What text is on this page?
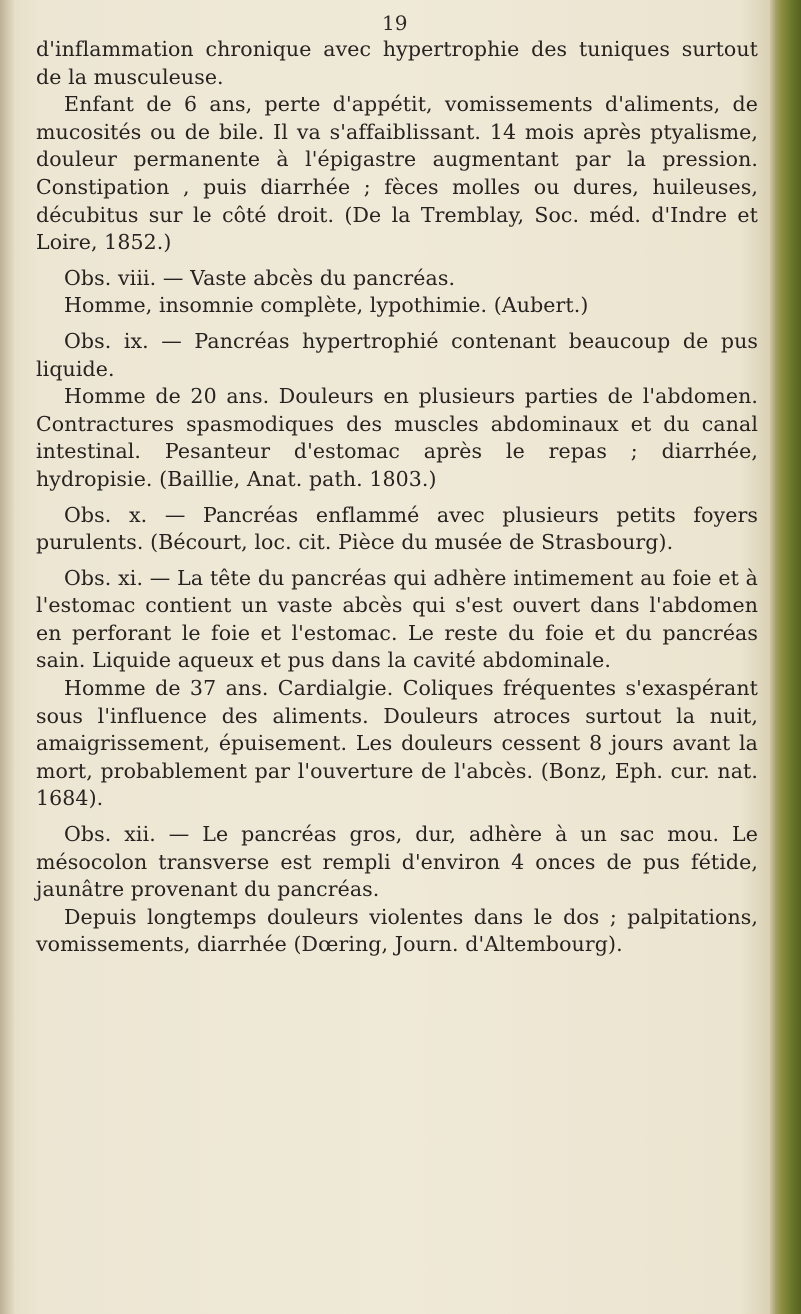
19

d'inflammation chronique avec hypertrophie des tuniques surtout de la musculeuse.

Enfant de 6 ans, perte d'appétit, vomissements d'aliments, de mucosités ou de bile. Il va s'affaiblissant. 14 mois après ptyalisme, douleur permanente à l'épigastre augmentant par la pression. Constipation , puis diarrhée ; fèces molles ou dures, huileuses, décubitus sur le côté droit. (De la Tremblay, Soc. méd. d'Indre et Loire, 1852.)

Obs. viii. — Vaste abcès du pancréas.

Homme, insomnie complète, lypothimie. (Aubert.)

Obs. ix. — Pancréas hypertrophié contenant beaucoup de pus liquide.

Homme de 20 ans. Douleurs en plusieurs parties de l'abdomen. Contractures spasmodiques des muscles abdominaux et du canal intestinal. Pesanteur d'estomac après le repas ; diarrhée, hydropisie. (Baillie, Anat. path. 1803.)

Obs. x. — Pancréas enflammé avec plusieurs petits foyers purulents. (Bécourt, loc. cit. Pièce du musée de Strasbourg).

Obs. xi. — La tête du pancréas qui adhère intimement au foie et à l'estomac contient un vaste abcès qui s'est ouvert dans l'abdomen en perforant le foie et l'estomac. Le reste du foie et du pancréas sain. Liquide aqueux et pus dans la cavité abdominale.

Homme de 37 ans. Cardialgie. Coliques fréquentes s'exaspérant sous l'influence des aliments. Douleurs atroces surtout la nuit, amaigrissement, épuisement. Les douleurs cessent 8 jours avant la mort, probablement par l'ouverture de l'abcès. (Bonz, Eph. cur. nat. 1684).

Obs. xii. — Le pancréas gros, dur, adhère à un sac mou. Le mésocolon transverse est rempli d'environ 4 onces de pus fétide, jaunâtre provenant du pancréas.

Depuis longtemps douleurs violentes dans le dos ; palpitations, vomissements, diarrhée (Dœring, Journ. d'Altembourg).
